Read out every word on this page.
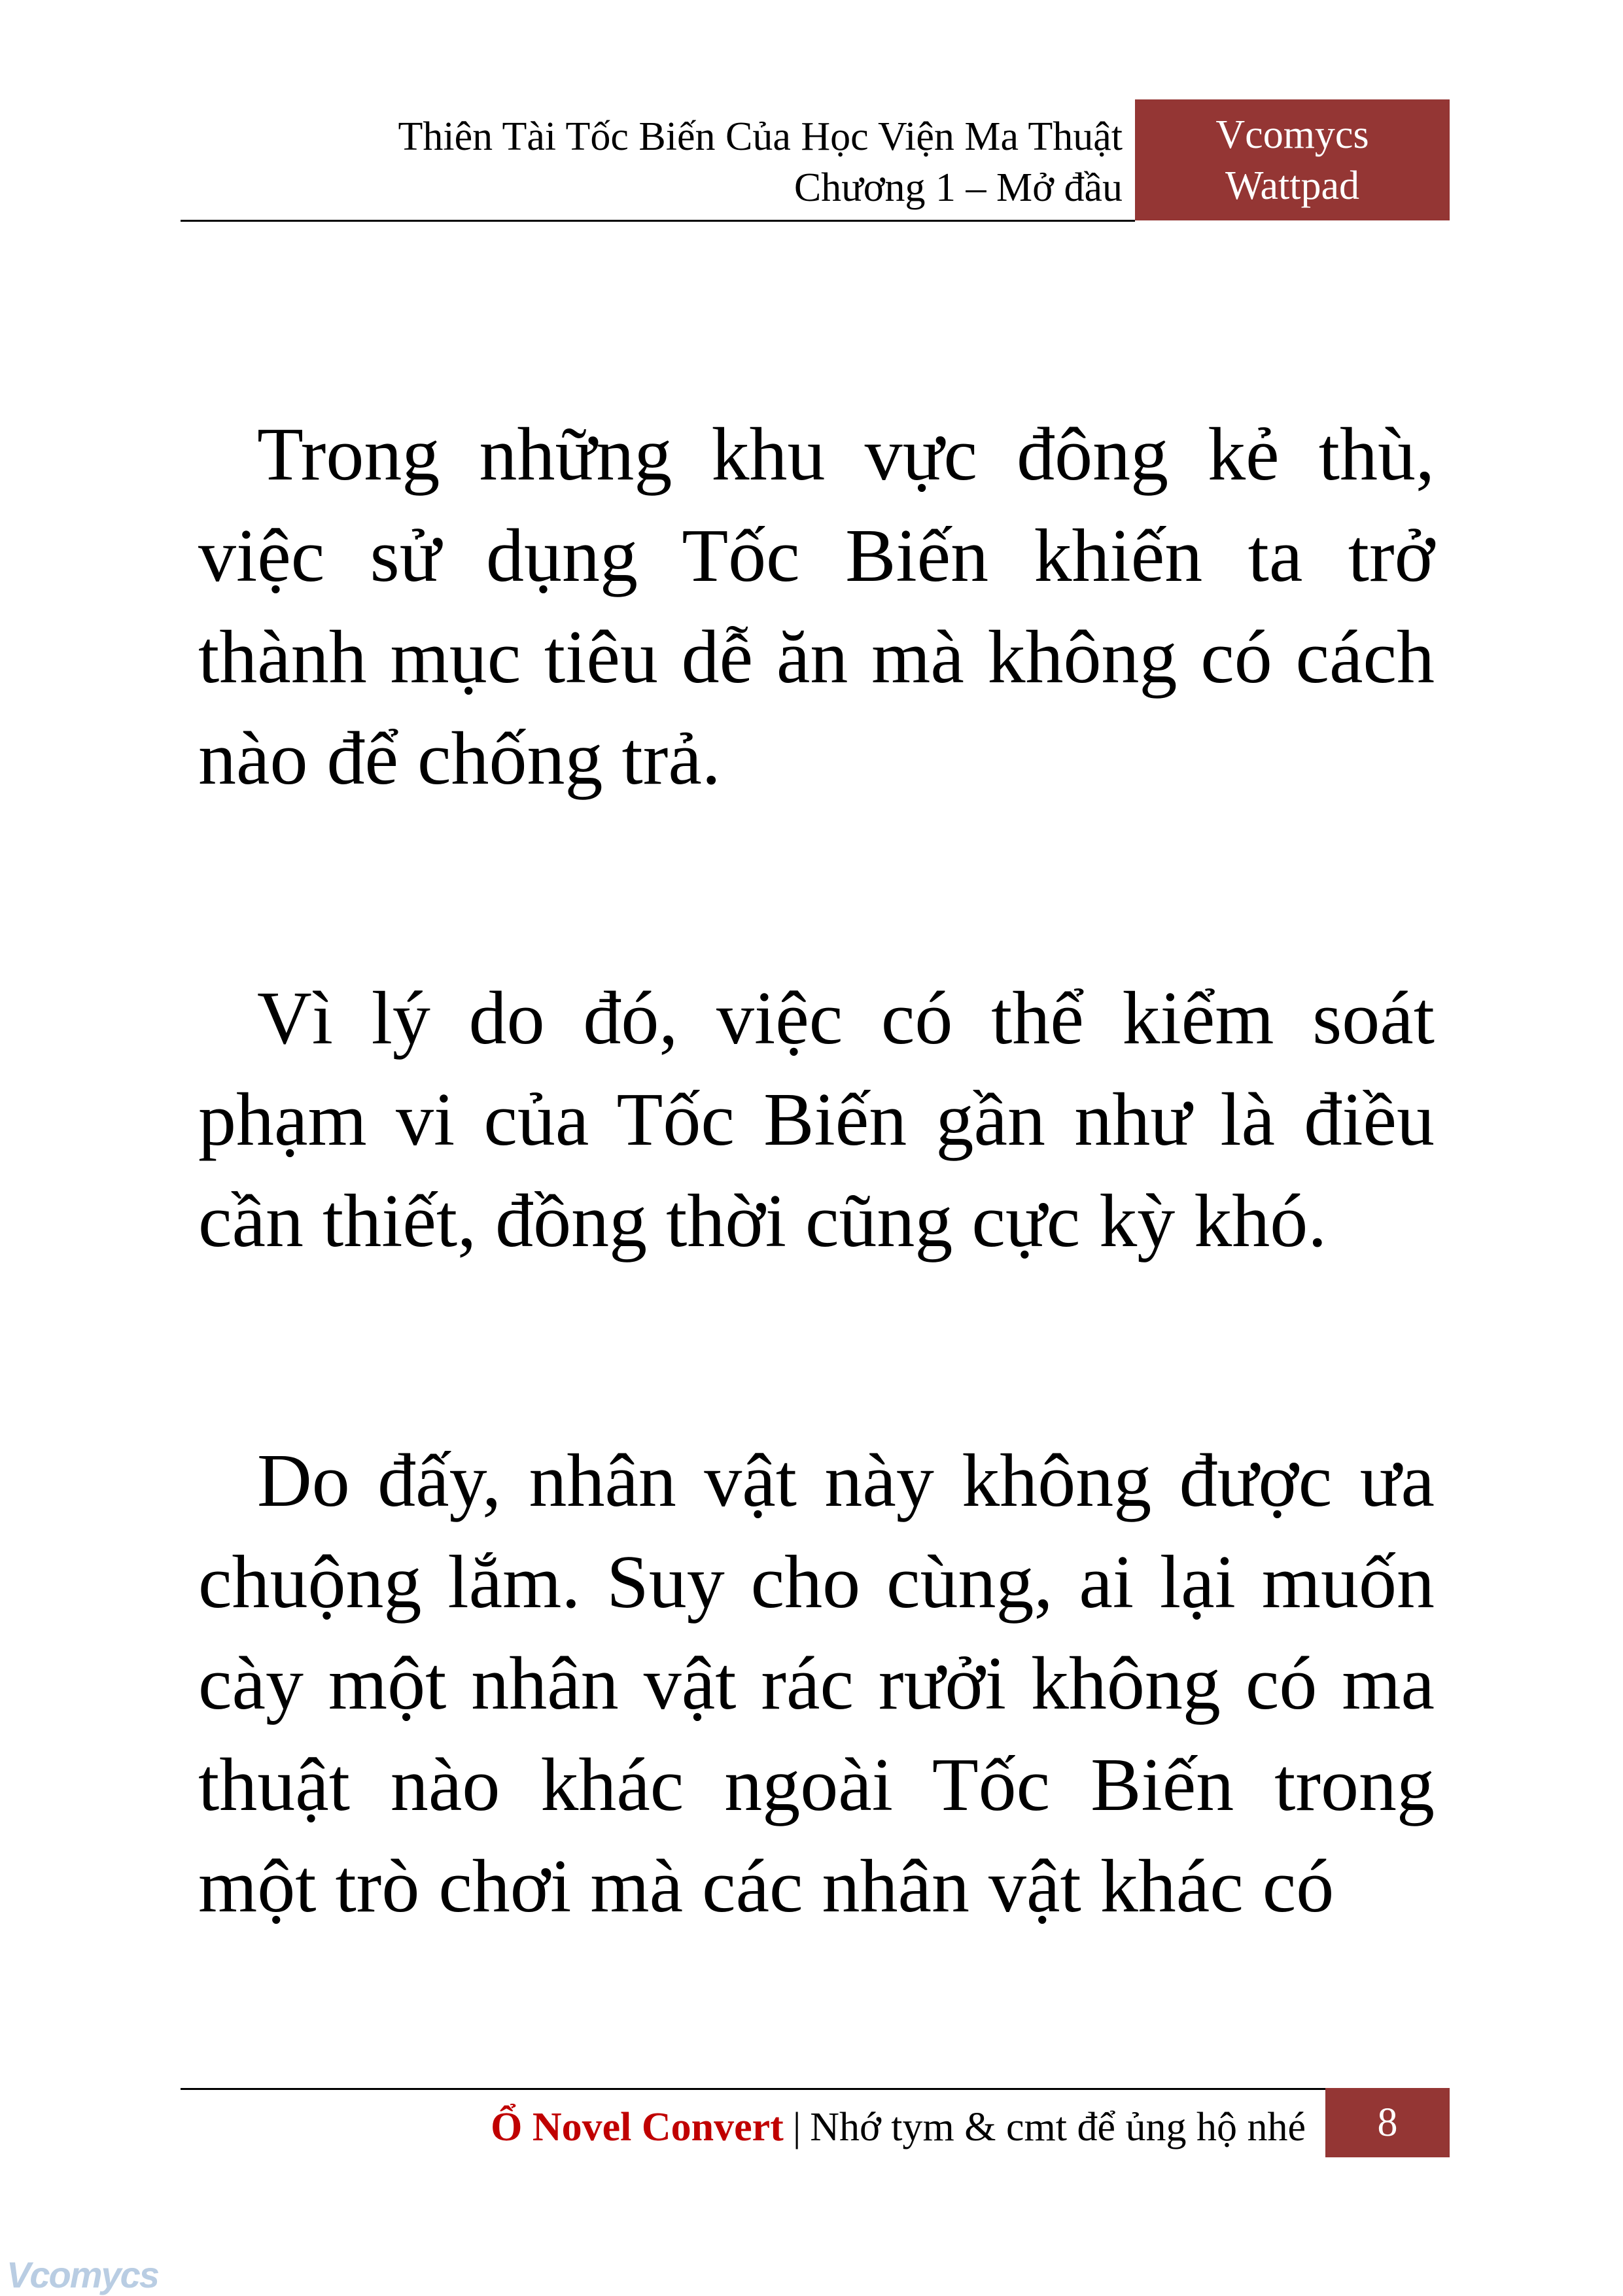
Thiên Tài Tốc Biến Của Học Viện Ma Thuật
Chương 1 – Mở đầu
Vcomycs
Wattpad

Trong những khu vực đông kẻ thù, việc sử dụng Tốc Biến khiến ta trở thành mục tiêu dễ ăn mà không có cách nào để chống trả.

Vì lý do đó, việc có thể kiểm soát phạm vi của Tốc Biến gần như là điều cần thiết, đồng thời cũng cực kỳ khó.

Do đấy, nhân vật này không được ưa chuộng lắm. Suy cho cùng, ai lại muốn cày một nhân vật rác rưởi không có ma thuật nào khác ngoài Tốc Biến trong một trò chơi mà các nhân vật khác có

Ổ Novel Convert | Nhớ tym & cmt để ủng hộ nhé	8
Vcomycs
